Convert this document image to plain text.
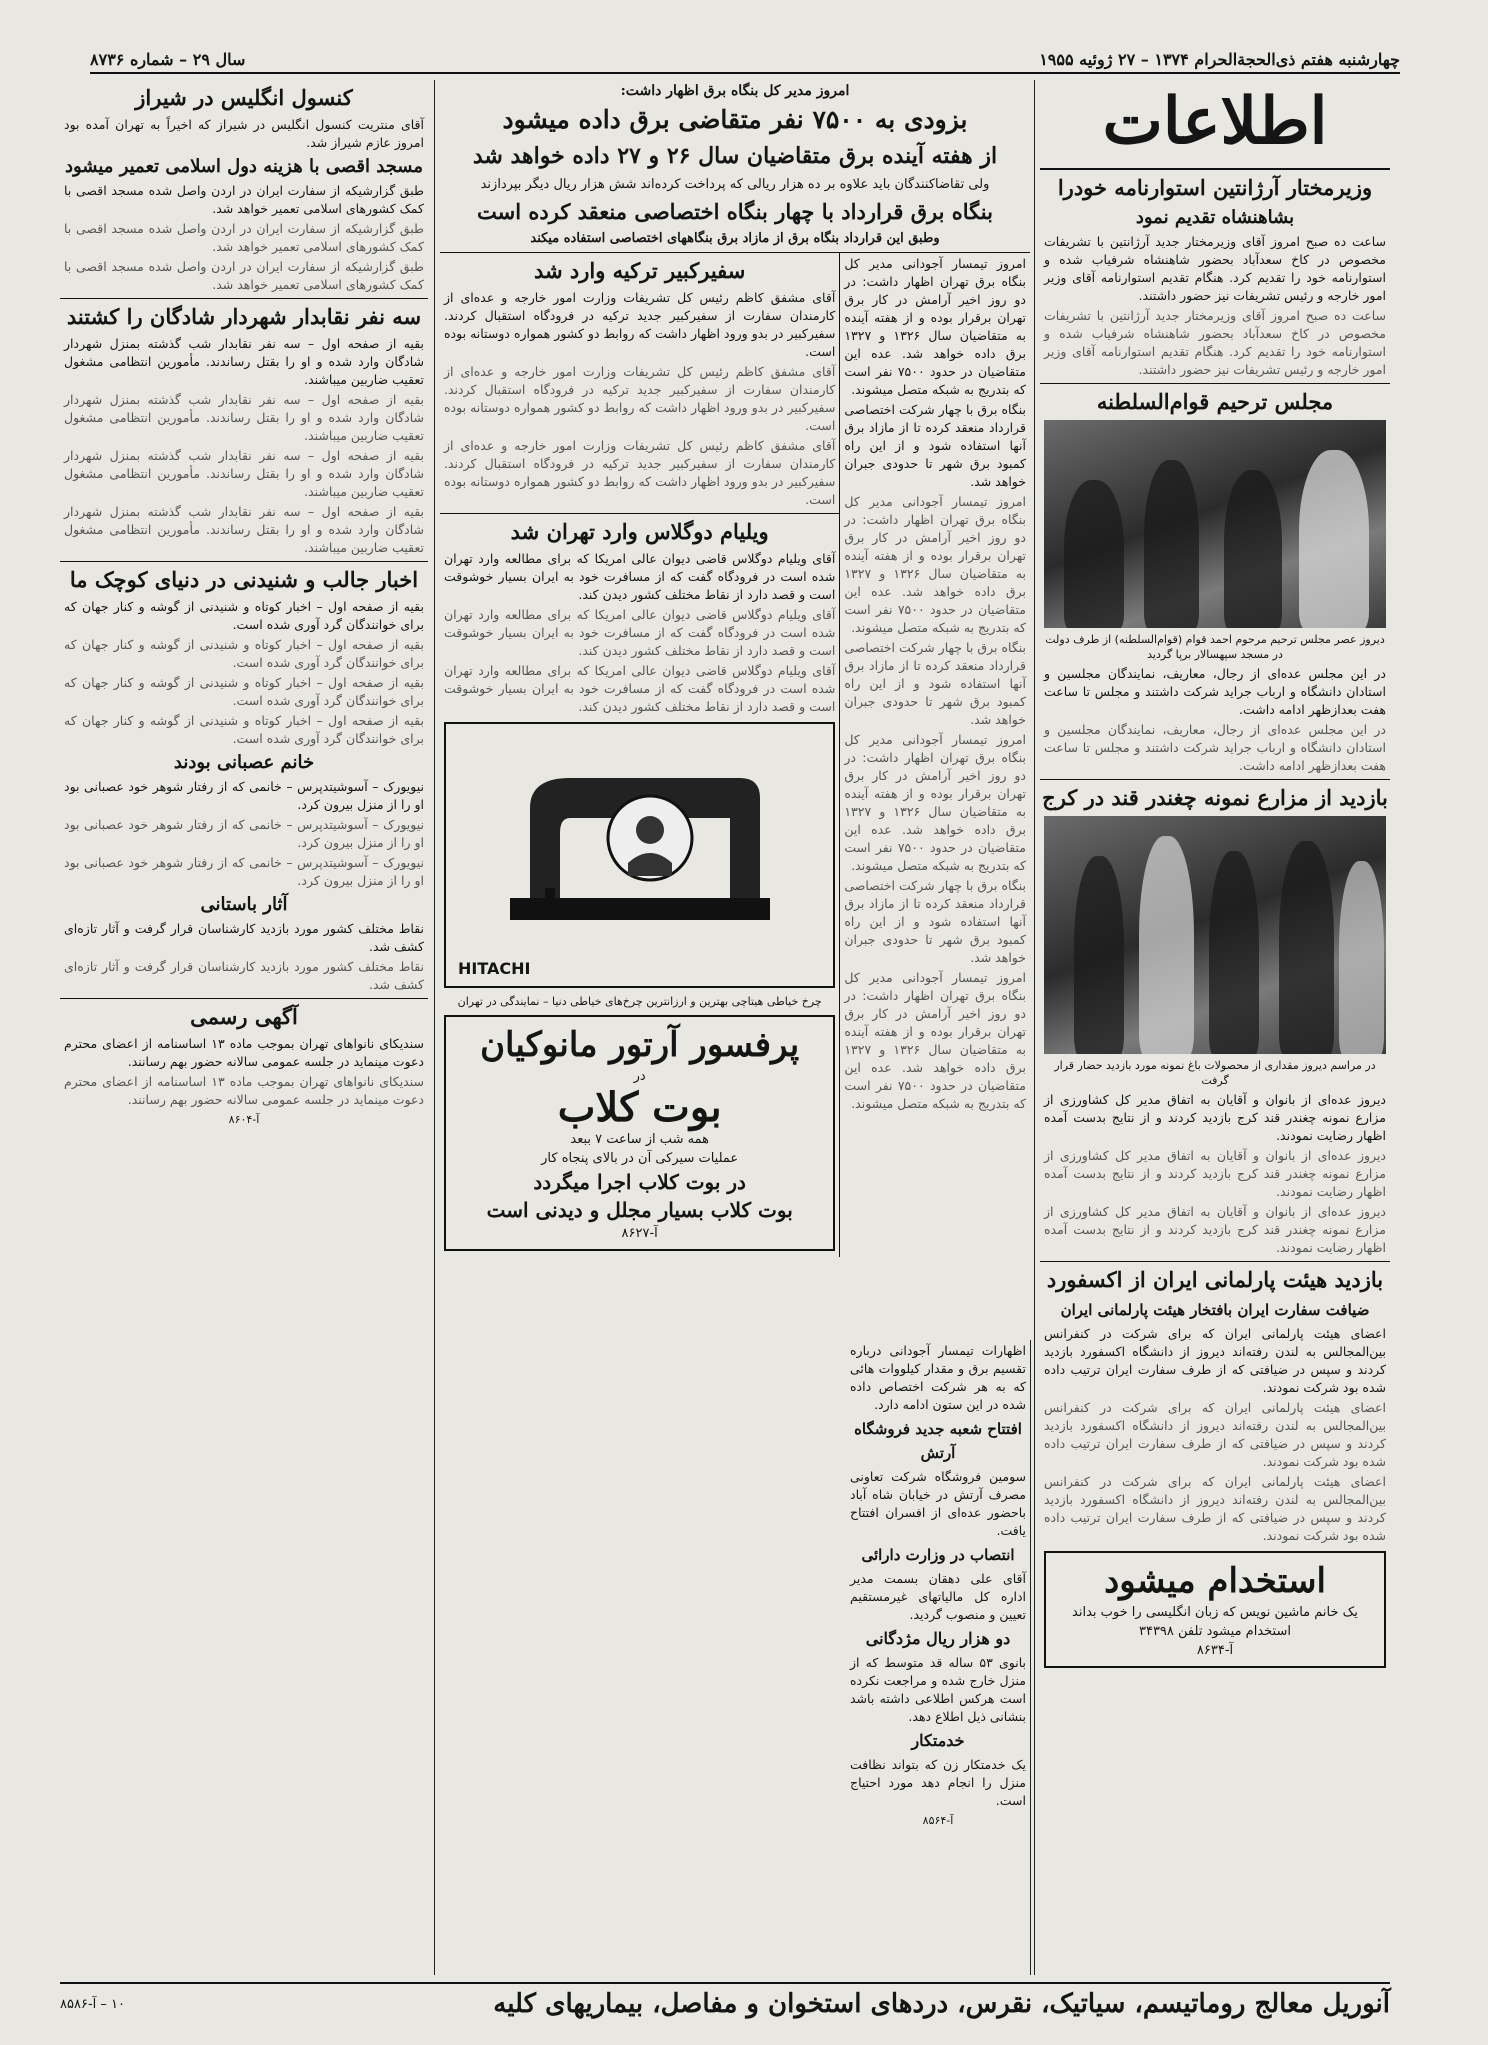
چهارشنبه هفتم ذی‌الحجة‌الحرام ۱۳۷۴ – ۲۷ ژوئیه ۱۹۵۵
سال ۲۹ – شماره ۸۷۳۶
اطلاعات
وزیرمختار آرژانتین استوارنامه خودرا
بشاهنشاه تقدیم نمود
ساعت ده صبح امروز آقای وزیرمختار جدید آرژانتین با تشریفات مخصوص در کاخ سعدآباد بحضور شاهنشاه شرفیاب شده و استوارنامه خود را تقدیم کرد. هنگام تقدیم استوارنامه آقای وزیر امور خارجه و رئیس تشریفات نیز حضور داشتند.
ساعت ده صبح امروز آقای وزیرمختار جدید آرژانتین با تشریفات مخصوص در کاخ سعدآباد بحضور شاهنشاه شرفیاب شده و استوارنامه خود را تقدیم کرد. هنگام تقدیم استوارنامه آقای وزیر امور خارجه و رئیس تشریفات نیز حضور داشتند.
مجلس ترحیم قوام‌السلطنه
دیروز عصر مجلس ترحیم مرحوم احمد قوام (قوام‌السلطنه) از طرف دولت در مسجد سپهسالار برپا گردید
در این مجلس عده‌ای از رجال، معاریف، نمایندگان مجلسین و استادان دانشگاه و ارباب جراید شرکت داشتند و مجلس تا ساعت هفت بعدازظهر ادامه داشت.
در این مجلس عده‌ای از رجال، معاریف، نمایندگان مجلسین و استادان دانشگاه و ارباب جراید شرکت داشتند و مجلس تا ساعت هفت بعدازظهر ادامه داشت.
بازدید از مزارع نمونه چغندر قند در کرج
در مراسم دیروز مقداری از محصولات باغ نمونه مورد بازدید حضار قرار گرفت
دیروز عده‌ای از بانوان و آقایان به اتفاق مدیر کل کشاورزی از مزارع نمونه چغندر قند کرج بازدید کردند و از نتایج بدست آمده اظهار رضایت نمودند.
دیروز عده‌ای از بانوان و آقایان به اتفاق مدیر کل کشاورزی از مزارع نمونه چغندر قند کرج بازدید کردند و از نتایج بدست آمده اظهار رضایت نمودند.
دیروز عده‌ای از بانوان و آقایان به اتفاق مدیر کل کشاورزی از مزارع نمونه چغندر قند کرج بازدید کردند و از نتایج بدست آمده اظهار رضایت نمودند.
بازدید هیئت پارلمانی ایران از اکسفورد
ضیافت سفارت ایران بافتخار هیئت پارلمانی ایران
اعضای هیئت پارلمانی ایران که برای شرکت در کنفرانس بین‌المجالس به لندن رفته‌اند دیروز از دانشگاه اکسفورد بازدید کردند و سپس در ضیافتی که از طرف سفارت ایران ترتیب داده شده بود شرکت نمودند.
اعضای هیئت پارلمانی ایران که برای شرکت در کنفرانس بین‌المجالس به لندن رفته‌اند دیروز از دانشگاه اکسفورد بازدید کردند و سپس در ضیافتی که از طرف سفارت ایران ترتیب داده شده بود شرکت نمودند.
اعضای هیئت پارلمانی ایران که برای شرکت در کنفرانس بین‌المجالس به لندن رفته‌اند دیروز از دانشگاه اکسفورد بازدید کردند و سپس در ضیافتی که از طرف سفارت ایران ترتیب داده شده بود شرکت نمودند.
استخدام میشود
یک خانم ماشین نویس که زبان انگلیسی را خوب بداند استخدام میشود تلفن ۳۴۳۹۸
آ-۸۶۳۴
امروز مدیر کل بنگاه برق اظهار داشت:
بزودی به ۷۵۰۰ نفر متقاضی برق داده میشود
از هفته آینده برق متقاضیان سال ۲۶ و ۲۷ داده خواهد شد
ولی تقاضاکنندگان باید علاوه بر ده هزار ریالی که پرداخت کرده‌اند شش هزار ریال دیگر بپردازند
بنگاه برق قرارداد با چهار بنگاه اختصاصی منعقد کرده است
وطبق این قرارداد بنگاه برق از مازاد برق بنگاههای اختصاصی استفاده میکند
امروز تیمسار آجودانی مدیر کل بنگاه برق تهران اظهار داشت: در دو روز اخیر آرامش در کار برق تهران برقرار بوده و از هفته آینده به متقاضیان سال ۱۳۲۶ و ۱۳۲۷ برق داده خواهد شد. عده این متقاضیان در حدود ۷۵۰۰ نفر است که بتدریج به شبکه متصل میشوند.
بنگاه برق با چهار شرکت اختصاصی قرارداد منعقد کرده تا از مازاد برق آنها استفاده شود و از این راه کمبود برق شهر تا حدودی جبران خواهد شد.
امروز تیمسار آجودانی مدیر کل بنگاه برق تهران اظهار داشت: در دو روز اخیر آرامش در کار برق تهران برقرار بوده و از هفته آینده به متقاضیان سال ۱۳۲۶ و ۱۳۲۷ برق داده خواهد شد. عده این متقاضیان در حدود ۷۵۰۰ نفر است که بتدریج به شبکه متصل میشوند.
بنگاه برق با چهار شرکت اختصاصی قرارداد منعقد کرده تا از مازاد برق آنها استفاده شود و از این راه کمبود برق شهر تا حدودی جبران خواهد شد.
امروز تیمسار آجودانی مدیر کل بنگاه برق تهران اظهار داشت: در دو روز اخیر آرامش در کار برق تهران برقرار بوده و از هفته آینده به متقاضیان سال ۱۳۲۶ و ۱۳۲۷ برق داده خواهد شد. عده این متقاضیان در حدود ۷۵۰۰ نفر است که بتدریج به شبکه متصل میشوند.
بنگاه برق با چهار شرکت اختصاصی قرارداد منعقد کرده تا از مازاد برق آنها استفاده شود و از این راه کمبود برق شهر تا حدودی جبران خواهد شد.
امروز تیمسار آجودانی مدیر کل بنگاه برق تهران اظهار داشت: در دو روز اخیر آرامش در کار برق تهران برقرار بوده و از هفته آینده به متقاضیان سال ۱۳۲۶ و ۱۳۲۷ برق داده خواهد شد. عده این متقاضیان در حدود ۷۵۰۰ نفر است که بتدریج به شبکه متصل میشوند.
سفیرکبیر ترکیه وارد شد
آقای مشفق کاظم رئیس کل تشریفات وزارت امور خارجه و عده‌ای از کارمندان سفارت از سفیرکبیر جدید ترکیه در فرودگاه استقبال کردند. سفیرکبیر در بدو ورود اظهار داشت که روابط دو کشور همواره دوستانه بوده است.
آقای مشفق کاظم رئیس کل تشریفات وزارت امور خارجه و عده‌ای از کارمندان سفارت از سفیرکبیر جدید ترکیه در فرودگاه استقبال کردند. سفیرکبیر در بدو ورود اظهار داشت که روابط دو کشور همواره دوستانه بوده است.
آقای مشفق کاظم رئیس کل تشریفات وزارت امور خارجه و عده‌ای از کارمندان سفارت از سفیرکبیر جدید ترکیه در فرودگاه استقبال کردند. سفیرکبیر در بدو ورود اظهار داشت که روابط دو کشور همواره دوستانه بوده است.
ویلیام دوگلاس وارد تهران شد
آقای ویلیام دوگلاس قاضی دیوان عالی امریکا که برای مطالعه وارد تهران شده است در فرودگاه گفت که از مسافرت خود به ایران بسیار خوشوقت است و قصد دارد از نقاط مختلف کشور دیدن کند.
آقای ویلیام دوگلاس قاضی دیوان عالی امریکا که برای مطالعه وارد تهران شده است در فرودگاه گفت که از مسافرت خود به ایران بسیار خوشوقت است و قصد دارد از نقاط مختلف کشور دیدن کند.
آقای ویلیام دوگلاس قاضی دیوان عالی امریکا که برای مطالعه وارد تهران شده است در فرودگاه گفت که از مسافرت خود به ایران بسیار خوشوقت است و قصد دارد از نقاط مختلف کشور دیدن کند.
HITACHI
چرخ خیاطی هیتاچی بهترین و ارزانترین چرخ‌های خیاطی دنیا – نمایندگی در تهران
پرفسور آرتور مانوکیان
در
بوت کلاب
همه شب از ساعت ۷ ببعد
عملیات سیرکی آن در بالای پنجاه کار
در بوت کلاب اجرا میگردد
بوت کلاب بسیار مجلل و دیدنی است
آ-۸۶۲۷
کنسول انگلیس در شیراز
آقای منتریت کنسول انگلیس در شیراز که اخیراً به تهران آمده بود امروز عازم شیراز شد.
مسجد اقصی با هزینه دول اسلامی تعمیر میشود
طبق گزارشیکه از سفارت ایران در اردن واصل شده مسجد اقصی با کمک کشورهای اسلامی تعمیر خواهد شد.
طبق گزارشیکه از سفارت ایران در اردن واصل شده مسجد اقصی با کمک کشورهای اسلامی تعمیر خواهد شد.
طبق گزارشیکه از سفارت ایران در اردن واصل شده مسجد اقصی با کمک کشورهای اسلامی تعمیر خواهد شد.
سه نفر نقابدار شهردار شادگان را کشتند
بقیه از صفحه اول – سه نفر نقابدار شب گذشته بمنزل شهردار شادگان وارد شده و او را بقتل رساندند. مأمورین انتظامی مشغول تعقیب ضاربین میباشند.
بقیه از صفحه اول – سه نفر نقابدار شب گذشته بمنزل شهردار شادگان وارد شده و او را بقتل رساندند. مأمورین انتظامی مشغول تعقیب ضاربین میباشند.
بقیه از صفحه اول – سه نفر نقابدار شب گذشته بمنزل شهردار شادگان وارد شده و او را بقتل رساندند. مأمورین انتظامی مشغول تعقیب ضاربین میباشند.
بقیه از صفحه اول – سه نفر نقابدار شب گذشته بمنزل شهردار شادگان وارد شده و او را بقتل رساندند. مأمورین انتظامی مشغول تعقیب ضاربین میباشند.
اخبار جالب و شنیدنی در دنیای کوچک ما
بقیه از صفحه اول – اخبار کوتاه و شنیدنی از گوشه و کنار جهان که برای خوانندگان گرد آوری شده است.
بقیه از صفحه اول – اخبار کوتاه و شنیدنی از گوشه و کنار جهان که برای خوانندگان گرد آوری شده است.
بقیه از صفحه اول – اخبار کوتاه و شنیدنی از گوشه و کنار جهان که برای خوانندگان گرد آوری شده است.
بقیه از صفحه اول – اخبار کوتاه و شنیدنی از گوشه و کنار جهان که برای خوانندگان گرد آوری شده است.
خانم عصبانی بودند
نیویورک – آسوشیتدپرس – خانمی که از رفتار شوهر خود عصبانی بود او را از منزل بیرون کرد.
نیویورک – آسوشیتدپرس – خانمی که از رفتار شوهر خود عصبانی بود او را از منزل بیرون کرد.
نیویورک – آسوشیتدپرس – خانمی که از رفتار شوهر خود عصبانی بود او را از منزل بیرون کرد.
آثار باستانی
نقاط مختلف کشور مورد بازدید کارشناسان قرار گرفت و آثار تازه‌ای کشف شد.
نقاط مختلف کشور مورد بازدید کارشناسان قرار گرفت و آثار تازه‌ای کشف شد.
آگهی رسمی
سندیکای نانواهای تهران بموجب ماده ۱۳ اساسنامه از اعضای محترم دعوت مینماید در جلسه عمومی سالانه حضور بهم رسانند.
سندیکای نانواهای تهران بموجب ماده ۱۳ اساسنامه از اعضای محترم دعوت مینماید در جلسه عمومی سالانه حضور بهم رسانند.
آ-۸۶۰۴
اظهارات تیمسار آجودانی درباره تقسیم برق و مقدار کیلووات هائی که به هر شرکت اختصاص داده شده در این ستون ادامه دارد.
افتتاح شعبه جدید فروشگاه آرتش
سومین فروشگاه شرکت تعاونی مصرف آرتش در خیابان شاه آباد باحضور عده‌ای از افسران افتتاح یافت.
انتصاب در وزارت دارائی
آقای علی دهقان بسمت مدیر اداره کل مالیاتهای غیرمستقیم تعیین و منصوب گردید.
دو هزار ریال مژدگانی
بانوی ۵۳ ساله قد متوسط که از منزل خارج شده و مراجعت نکرده است هرکس اطلاعی داشته باشد بنشانی ذیل اطلاع دهد.
خدمتکار
یک خدمتکار زن که بتواند نظافت منزل را انجام دهد مورد احتیاج است.
آ-۸۵۶۴
آنوریل معالج روماتیسم، سیاتیک، نقرس، دردهای استخوان و مفاصل، بیماریهای کلیه
۱۰ – آ-۸۵۸۶
